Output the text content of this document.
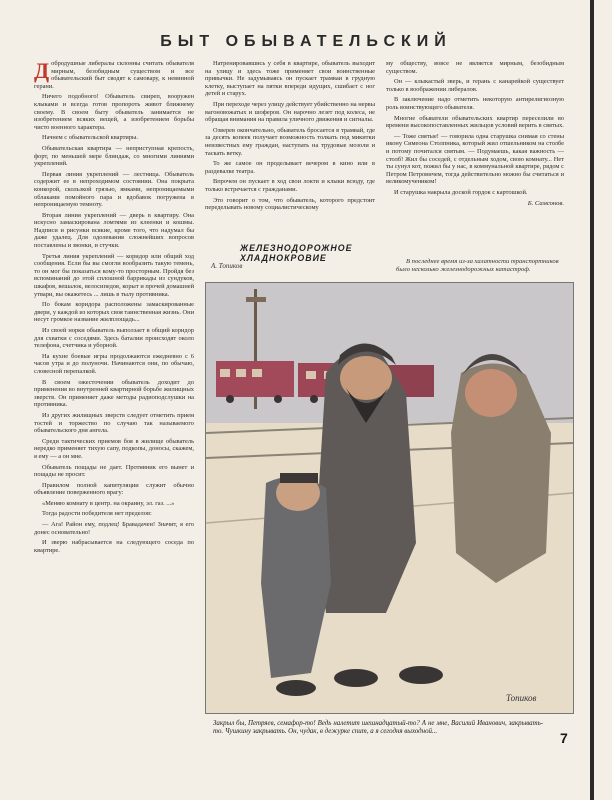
БЫТ ОБЫВАТЕЛЬСКИЙ

Добродушные либералы склонны считать обывателя мирным, безобидным существом и все обывательский быт сводят к самовару, к невинной герани.

Ничего подобного! Обыватель свиреп, вооружен клыками и всегда готов пропороть живот ближнему своему. В своем быту обыватель занимается не изобретением всяких вещей, а изобретением борьбы чисто военного характера.

Начнем с обывательской квартиры.

Обывательская квартира — неприступная крепость, форт, по меньшей мере блиндаж, со многими линиями укреплений.

Первая линия укреплений — лестница. Обыватель содержит ее в непроходимом состоянии. Она покрыта конкорой, скользкой грязью, ямками, непроницаемыми облаками помойного пара и вдобавок погружена в непроницаемую темноту.

Вторая линия укреплений — дверь в квартиру. Она искусно замаскирована ломтями из клеенки и кошмы. Надписи и рисунки всякие, кроме того, что надумал бы даже удалец. Для одолевания сложнейших вопросов поставлены и звонки, и стучки.

Третья линия укреплений — коридор или общий ход сообщения. Если бы вы смогли вообразить такую темень, то он мог бы показаться кому-то просторным. Пройдя без вспоминаний до этой сплошной баррикады из сундуков, шкафов, вешалок, велосипедов, корыт и прочей домашней утвари, вы окажетесь ... лишь в тылу противника.

По бокам коридора расположены замаскированные двери, у каждой из которых своя таинственная жизнь. Они несут громкое название жилплощадь...

Из своей норки обыватель выползает в общий коридор для схватки с соседями. Здесь баталии происходят около телефона, счетчика и уборной.

На кухне боевые игры продолжаются ежедневно с 6 часов утра и до полуночи. Начинаются они, по обычаю, словесной перепалкой.

В своем ожесточении обыватель доходит до применения во внутренней квартирной борьбе жилищных зверств. Он применяет даже методы радиоподслушки на противника.

Из других жилищных зверств следует отметить прием тостей и торжество по случаю так называемого обывательского дня ангела.

Среди тактических приемов боя в жилище обыватель нередко применяет тихую сапу, подкопы, доносы, скажем, я ему — а он мне.

Обыватель пощады не дает. Противник его вынет и пощады не просит.

Правилом полной капитуляции служит обычно объявление поверженного врагу:

«Меняю комнату в центр. на окраину, эл. газ. ...»

Тогда радости победителя нет пределов:

— Ага! Район ему, подлец! Бравадачен! Значит, я его донес основательно!

И зверю набрасывается на следующего соседа по квартире.

Натренировавшись у себя в квартире, обыватель выходит на улицу и здесь тоже применяет свои воинственные привычки. Не задумываясь он пускает трамваи в грудную клетку, выступает на пятки впереди идущих, сшибает с ног детей и старух.

При переходе через улицу действует убийственно на нервы вагоновожатых и шоферов. Он нарочно лезет под колеса, не обращая внимания на правила уличного движения и сигналы.

Озверев окончательно, обыватель бросается в трамвай, где за десять копеек получает возможность толкать под микитки неизвестных ему граждан, наступать на трудовые мозоли и таскать ветку.

То же самое он проделывает вечером в кино или в раздевалке театра.

Впрочем он пускает в ход свои локти и клыки всюду, где только встречается с гражданами.

Это говорит о том, что обыватель, которого предстоит переделывать новому социалистическому

му обществу, вовсе не является мирным, безобидным существом.

Он — клыкастый зверь, и герань с канарейкой существует только в воображении либералов.

В заключение надо отметить некоторую антирелигиозную роль воинствующего обывателя.

Многие обыватели обывательских квартир переселили во времени высокопоставленных жильцов условий верить в святых.

— Тоже святые! — говорила одна старушка снимая со стены икону Симеона Столпника, который жил отшельником на столбе и потому почитался святым. — Подумаешь, какая важность — столб! Жил бы соседей, с отдельным ходом, свою комнату... Нет ты сунул кот, пожил бы у нас, в коммунальной квартире, рядом с Петром Петровичем, тогда действительно можно бы считаться и великомучеником!

И старушка накрыла доской гордок с картошкой.

Б. Самсонов.

ЖЕЛЕЗНОДОРОЖНОЕ ХЛАДНОКРОВИЕ
А. Топиков
В последнее время из-за халатности транспортников было несколько железнодорожных катастроф.
Топиков
Закрыл бы, Петряев, семафор-то! Ведь налетит шешнадцатый-то? А не мне, Василий Иванович, закрывать-то. Чушкину закрывать. Он, чудак, в дежурке спит, а я сегодня выходной...	7
